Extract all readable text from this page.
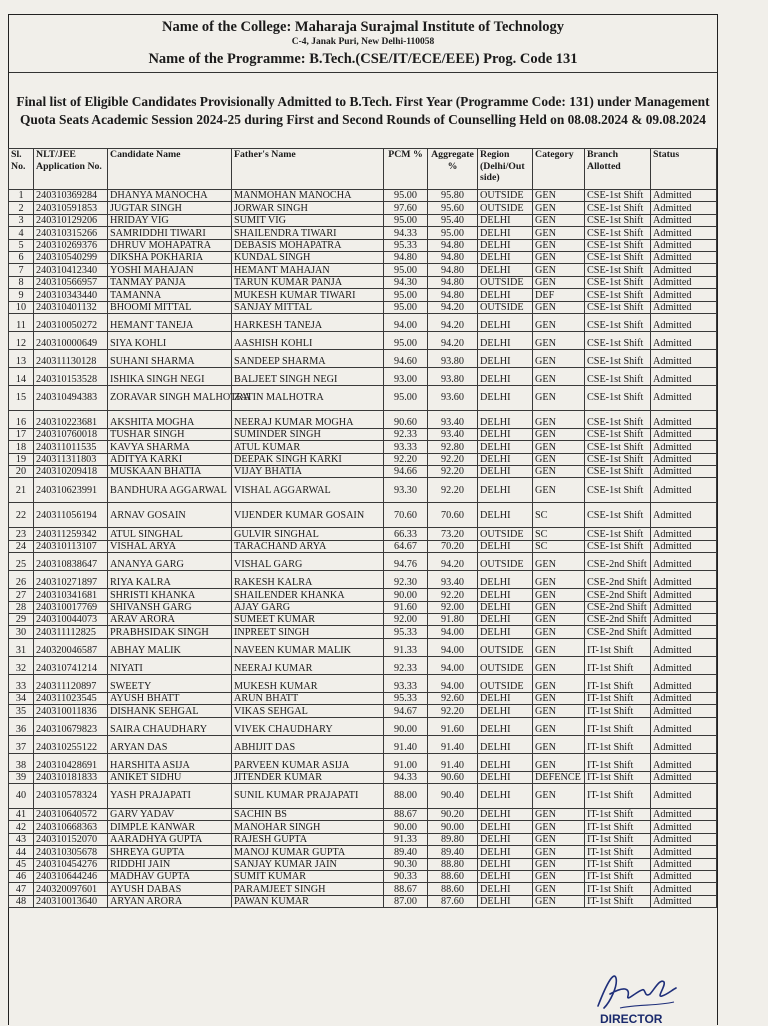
Name of the College: Maharaja Surajmal Institute of Technology
C-4, Janak Puri, New Delhi-110058
Name of the Programme: B.Tech.(CSE/IT/ECE/EEE) Prog. Code 131
Final list of Eligible Candidates Provisionally Admitted to B.Tech. First Year (Programme Code: 131) under Management Quota Seats Academic Session 2024-25 during First and Second Rounds of Counselling Held on 08.08.2024 & 09.08.2024
Sl. No.	NLT/JEE Application No.	Candidate Name	Father's Name	PCM %	Aggregate %	Region (Delhi/Out side)	Category	Branch Allotted	Status
1	240310369284	DHANYA MANOCHA	MANMOHAN MANOCHA	95.00	95.80	OUTSIDE	GEN	CSE-1st Shift	Admitted
2	240310591853	JUGTAR SINGH	JORWAR SINGH	97.60	95.60	OUTSIDE	GEN	CSE-1st Shift	Admitted
3	240310129206	HRIDAY VIG	SUMIT VIG	95.00	95.40	DELHI	GEN	CSE-1st Shift	Admitted
4	240310315266	SAMRIDDHI TIWARI	SHAILENDRA TIWARI	94.33	95.00	DELHI	GEN	CSE-1st Shift	Admitted
5	240310269376	DHRUV MOHAPATRA	DEBASIS MOHAPATRA	95.33	94.80	DELHI	GEN	CSE-1st Shift	Admitted
6	240310540299	DIKSHA POKHARIA	KUNDAL SINGH	94.80	94.80	DELHI	GEN	CSE-1st Shift	Admitted
7	240310412340	YOSHI MAHAJAN	HEMANT MAHAJAN	95.00	94.80	DELHI	GEN	CSE-1st Shift	Admitted
8	240310566957	TANMAY PANJA	TARUN KUMAR PANJA	94.30	94.80	OUTSIDE	GEN	CSE-1st Shift	Admitted
9	240310343440	TAMANNA	MUKESH KUMAR TIWARI	95.00	94.80	DELHI	DEF	CSE-1st Shift	Admitted
10	240310401132	BHOOMI MITTAL	SANJAY MITTAL	95.00	94.20	OUTSIDE	GEN	CSE-1st Shift	Admitted
11	240310050272	HEMANT TANEJA	HARKESH TANEJA	94.00	94.20	DELHI	GEN	CSE-1st Shift	Admitted
12	240310000649	SIYA KOHLI	AASHISH KOHLI	95.00	94.20	DELHI	GEN	CSE-1st Shift	Admitted
13	240311130128	SUHANI SHARMA	SANDEEP SHARMA	94.60	93.80	DELHI	GEN	CSE-1st Shift	Admitted
14	240310153528	ISHIKA SINGH NEGI	BALJEET SINGH NEGI	93.00	93.80	DELHI	GEN	CSE-1st Shift	Admitted
15	240310494383	ZORAVAR SINGH MALHOTRA	ZATIN MALHOTRA	95.00	93.60	DELHI	GEN	CSE-1st Shift	Admitted
16	240310223681	AKSHITA MOGHA	NEERAJ KUMAR MOGHA	90.60	93.40	DELHI	GEN	CSE-1st Shift	Admitted
17	240310760018	TUSHAR SINGH	SUMINDER SINGH	92.33	93.40	DELHI	GEN	CSE-1st Shift	Admitted
18	240311011535	KAVYA SHARMA	ATUL KUMAR	93.33	92.80	DELHI	GEN	CSE-1st Shift	Admitted
19	240311311803	ADITYA KARKI	DEEPAK SINGH KARKI	92.20	92.20	DELHI	GEN	CSE-1st Shift	Admitted
20	240310209418	MUSKAAN BHATIA	VIJAY BHATIA	94.66	92.20	DELHI	GEN	CSE-1st Shift	Admitted
21	240310623991	BANDHURA AGGARWAL	VISHAL AGGARWAL	93.30	92.20	DELHI	GEN	CSE-1st Shift	Admitted
22	240311056194	ARNAV GOSAIN	VIJENDER KUMAR GOSAIN	70.60	70.60	DELHI	SC	CSE-1st Shift	Admitted
23	240311259342	ATUL SINGHAL	GULVIR SINGHAL	66.33	73.20	OUTSIDE	SC	CSE-1st Shift	Admitted
24	240310113107	VISHAL ARYA	TARACHAND ARYA	64.67	70.20	DELHI	SC	CSE-1st Shift	Admitted
25	240310838647	ANANYA GARG	VISHAL GARG	94.76	94.20	OUTSIDE	GEN	CSE-2nd Shift	Admitted
26	240310271897	RIYA KALRA	RAKESH KALRA	92.30	93.40	DELHI	GEN	CSE-2nd Shift	Admitted
27	240310341681	SHRISTI KHANKA	SHAILENDER KHANKA	90.00	92.20	DELHI	GEN	CSE-2nd Shift	Admitted
28	240310017769	SHIVANSH GARG	AJAY GARG	91.60	92.00	DELHI	GEN	CSE-2nd Shift	Admitted
29	240310044073	ARAV ARORA	SUMEET KUMAR	92.00	91.80	DELHI	GEN	CSE-2nd Shift	Admitted
30	240311112825	PRABHSIDAK SINGH	INPREET SINGH	95.33	94.00	DELHI	GEN	CSE-2nd Shift	Admitted
31	240320046587	ABHAY MALIK	NAVEEN KUMAR MALIK	91.33	94.00	OUTSIDE	GEN	IT-1st Shift	Admitted
32	240310741214	NIYATI	NEERAJ KUMAR	92.33	94.00	OUTSIDE	GEN	IT-1st Shift	Admitted
33	240311120897	SWEETY	MUKESH KUMAR	93.33	94.00	OUTSIDE	GEN	IT-1st Shift	Admitted
34	240311023545	AYUSH BHATT	ARUN BHATT	95.33	92.60	DELHI	GEN	IT-1st Shift	Admitted
35	240310011836	DISHANK SEHGAL	VIKAS SEHGAL	94.67	92.20	DELHI	GEN	IT-1st Shift	Admitted
36	240310679823	SAIRA CHAUDHARY	VIVEK CHAUDHARY	90.00	91.60	DELHI	GEN	IT-1st Shift	Admitted
37	240310255122	ARYAN DAS	ABHIJIT DAS	91.40	91.40	DELHI	GEN	IT-1st Shift	Admitted
38	240310428691	HARSHITA ASIJA	PARVEEN KUMAR ASIJA	91.00	91.40	DELHI	GEN	IT-1st Shift	Admitted
39	240310181833	ANIKET SIDHU	JITENDER KUMAR	94.33	90.60	DELHI	DEFENCE	IT-1st Shift	Admitted
40	240310578324	YASH PRAJAPATI	SUNIL KUMAR PRAJAPATI	88.00	90.40	DELHI	GEN	IT-1st Shift	Admitted
41	240310640572	GARV YADAV	SACHIN BS	88.67	90.20	DELHI	GEN	IT-1st Shift	Admitted
42	240310668363	DIMPLE KANWAR	MANOHAR SINGH	90.00	90.00	DELHI	GEN	IT-1st Shift	Admitted
43	240310152070	AARADHYA GUPTA	RAJESH GUPTA	91.33	89.80	DELHI	GEN	IT-1st Shift	Admitted
44	240310305678	SHREYA GUPTA	MANOJ KUMAR GUPTA	89.40	89.40	DELHI	GEN	IT-1st Shift	Admitted
45	240310454276	RIDDHI JAIN	SANJAY KUMAR JAIN	90.30	88.80	DELHI	GEN	IT-1st Shift	Admitted
46	240310644246	MADHAV GUPTA	SUMIT KUMAR	90.33	88.60	DELHI	GEN	IT-1st Shift	Admitted
47	240320097601	AYUSH DABAS	PARAMJEET SINGH	88.67	88.60	DELHI	GEN	IT-1st Shift	Admitted
48	240310013640	ARYAN ARORA	PAWAN KUMAR	87.00	87.60	DELHI	GEN	IT-1st Shift	Admitted
DIRECTOR
